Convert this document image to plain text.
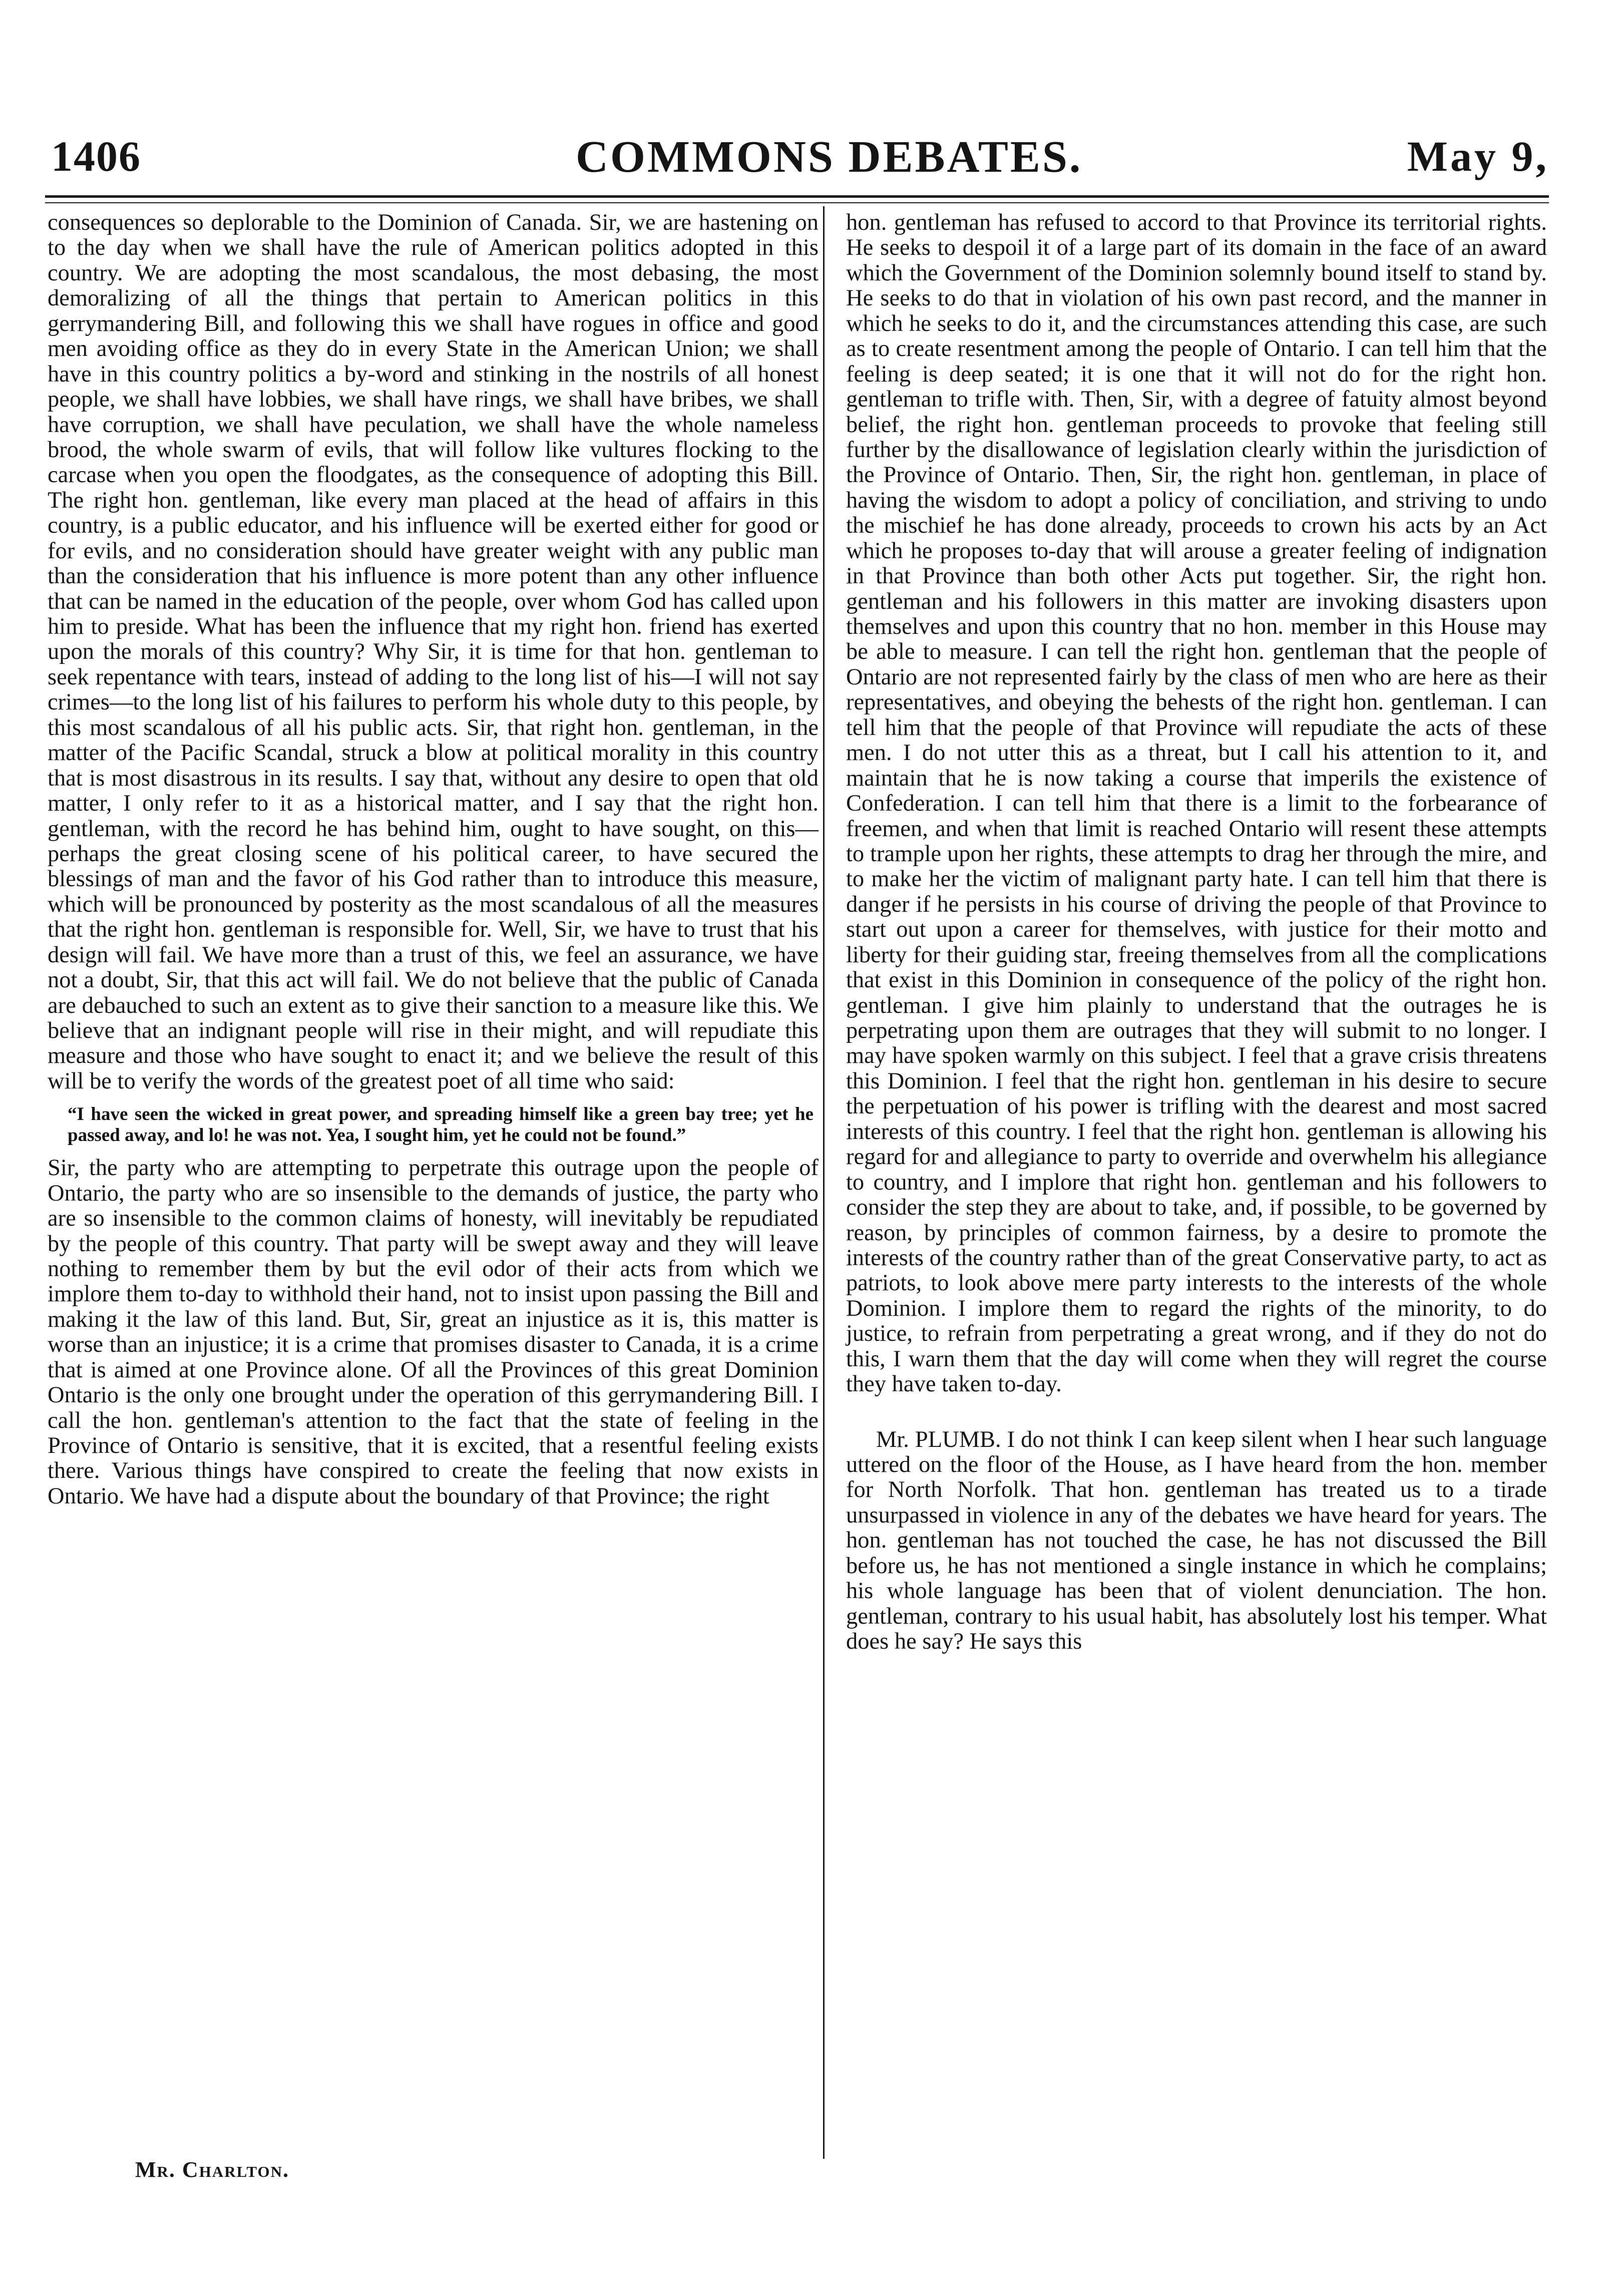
1406	COMMONS DEBATES.	May 9,

consequences so deplorable to the Dominion of Canada. Sir, we are hastening on to the day when we shall have the rule of American politics adopted in this country. We are adopting the most scandalous, the most debasing, the most demoralizing of all the things that pertain to American politics in this gerrymandering Bill, and following this we shall have rogues in office and good men avoiding office as they do in every State in the American Union; we shall have in this country politics a by-word and stinking in the nostrils of all honest people, we shall have lobbies, we shall have rings, we shall have bribes, we shall have corruption, we shall have peculation, we shall have the whole nameless brood, the whole swarm of evils, that will follow like vultures flocking to the carcase when you open the floodgates, as the consequence of adopting this Bill. The right hon. gentleman, like every man placed at the head of affairs in this country, is a public educator, and his influence will be exerted either for good or for evils, and no consideration should have greater weight with any public man than the consideration that his influence is more potent than any other influence that can be named in the education of the people, over whom God has called upon him to preside. What has been the influence that my right hon. friend has exerted upon the morals of this country? Why Sir, it is time for that hon. gentleman to seek repentance with tears, instead of adding to the long list of his—I will not say crimes—to the long list of his failures to perform his whole duty to this people, by this most scandalous of all his public acts. Sir, that right hon. gentleman, in the matter of the Pacific Scandal, struck a blow at political morality in this country that is most disastrous in its results. I say that, without any desire to open that old matter, I only refer to it as a historical matter, and I say that the right hon. gentleman, with the record he has behind him, ought to have sought, on this—perhaps the great closing scene of his political career, to have secured the blessings of man and the favor of his God rather than to introduce this measure, which will be pronounced by posterity as the most scandalous of all the measures that the right hon. gentleman is responsible for. Well, Sir, we have to trust that his design will fail. We have more than a trust of this, we feel an assurance, we have not a doubt, Sir, that this act will fail. We do not believe that the public of Canada are debauched to such an extent as to give their sanction to a measure like this. We believe that an indignant people will rise in their might, and will repudiate this measure and those who have sought to enact it; and we believe the result of this will be to verify the words of the greatest poet of all time who said:

“I have seen the wicked in great power, and spreading himself like a green bay tree; yet he passed away, and lo! he was not. Yea, I sought him, yet he could not be found.”

Sir, the party who are attempting to perpetrate this outrage upon the people of Ontario, the party who are so insensible to the demands of justice, the party who are so insensible to the common claims of honesty, will inevitably be repudiated by the people of this country. That party will be swept away and they will leave nothing to remember them by but the evil odor of their acts from which we implore them to-day to withhold their hand, not to insist upon passing the Bill and making it the law of this land. But, Sir, great an injustice as it is, this matter is worse than an injustice; it is a crime that promises disaster to Canada, it is a crime that is aimed at one Province alone. Of all the Provinces of this great Dominion Ontario is the only one brought under the operation of this gerrymandering Bill. I call the hon. gentleman's attention to the fact that the state of feeling in the Province of Ontario is sensitive, that it is excited, that a resentful feeling exists there. Various things have conspired to create the feeling that now exists in Ontario. We have had a dispute about the boundary of that Province; the right

hon. gentleman has refused to accord to that Province its territorial rights. He seeks to despoil it of a large part of its domain in the face of an award which the Government of the Dominion solemnly bound itself to stand by. He seeks to do that in violation of his own past record, and the manner in which he seeks to do it, and the circumstances attending this case, are such as to create resentment among the people of Ontario. I can tell him that the feeling is deep seated; it is one that it will not do for the right hon. gentleman to trifle with. Then, Sir, with a degree of fatuity almost beyond belief, the right hon. gentleman proceeds to provoke that feeling still further by the disallowance of legislation clearly within the jurisdiction of the Province of Ontario. Then, Sir, the right hon. gentleman, in place of having the wisdom to adopt a policy of conciliation, and striving to undo the mischief he has done already, proceeds to crown his acts by an Act which he proposes to-day that will arouse a greater feeling of indignation in that Province than both other Acts put together. Sir, the right hon. gentleman and his followers in this matter are invoking disasters upon themselves and upon this country that no hon. member in this House may be able to measure. I can tell the right hon. gentleman that the people of Ontario are not represented fairly by the class of men who are here as their representatives, and obeying the behests of the right hon. gentleman. I can tell him that the people of that Province will repudiate the acts of these men. I do not utter this as a threat, but I call his attention to it, and maintain that he is now taking a course that imperils the existence of Confederation. I can tell him that there is a limit to the forbearance of freemen, and when that limit is reached Ontario will resent these attempts to trample upon her rights, these attempts to drag her through the mire, and to make her the victim of malignant party hate. I can tell him that there is danger if he persists in his course of driving the people of that Province to start out upon a career for themselves, with justice for their motto and liberty for their guiding star, freeing themselves from all the complications that exist in this Dominion in consequence of the policy of the right hon. gentleman. I give him plainly to understand that the outrages he is perpetrating upon them are outrages that they will submit to no longer. I may have spoken warmly on this subject. I feel that a grave crisis threatens this Dominion. I feel that the right hon. gentleman in his desire to secure the perpetuation of his power is trifling with the dearest and most sacred interests of this country. I feel that the right hon. gentleman is allowing his regard for and allegiance to party to override and overwhelm his allegiance to country, and I implore that right hon. gentleman and his followers to consider the step they are about to take, and, if possible, to be governed by reason, by principles of common fairness, by a desire to promote the interests of the country rather than of the great Conservative party, to act as patriots, to look above mere party interests to the interests of the whole Dominion. I implore them to regard the rights of the minority, to do justice, to refrain from perpetrating a great wrong, and if they do not do this, I warn them that the day will come when they will regret the course they have taken to-day.

Mr. PLUMB. I do not think I can keep silent when I hear such language uttered on the floor of the House, as I have heard from the hon. member for North Norfolk. That hon. gentleman has treated us to a tirade unsurpassed in violence in any of the debates we have heard for years. The hon. gentleman has not touched the case, he has not discussed the Bill before us, he has not mentioned a single instance in which he complains; his whole language has been that of violent denunciation. The hon. gentleman, contrary to his usual habit, has absolutely lost his temper. What does he say? He says this

Mr. Charlton.
